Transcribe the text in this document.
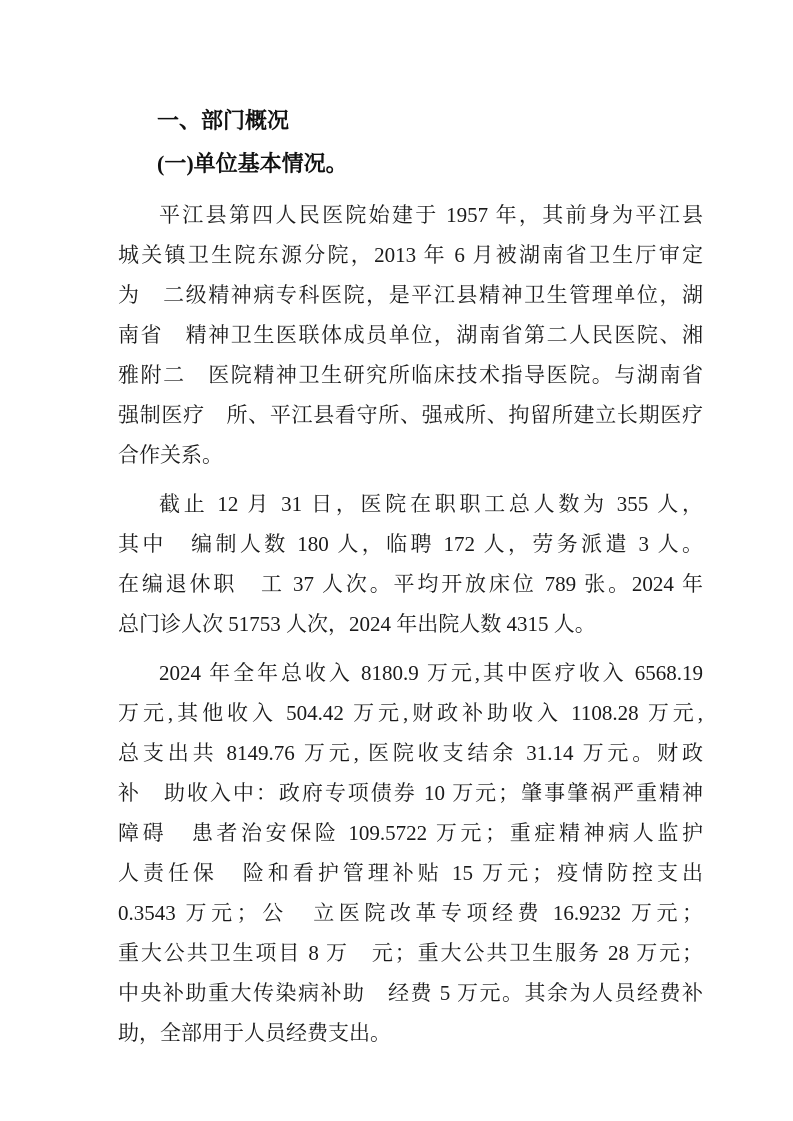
一、部门概况
(一)单位基本情况。
平江县第四人民医院始建于 1957 年，其前身为平江县
城关镇卫生院东源分院，2013 年 6 月被湖南省卫生厅审定
为　二级精神病专科医院，是平江县精神卫生管理单位，湖
南省　精神卫生医联体成员单位，湖南省第二人民医院、湘
雅附二　医院精神卫生研究所临床技术指导医院。与湖南省
强制医疗　所、平江县看守所、强戒所、拘留所建立长期医疗
合作关系。
截止 12 月 31 日，医院在职职工总人数为 355 人，
其中　编制人数 180 人，临聘 172 人，劳务派遣 3 人。
在编退休职　工 37 人次。平均开放床位 789 张。2024 年
总门诊人次 51753 人次，2024 年出院人数 4315 人。
2024 年全年总收入 8180.9 万元,其中医疗收入 6568.19
万元,其他收入 504.42 万元,财政补助收入 1108.28 万元,
总支出共 8149.76 万元, 医院收支结余 31.14 万元。财政
补　助收入中：政府专项债券 10 万元；肇事肇祸严重精神
障碍　患者治安保险 109.5722 万元；重症精神病人监护
人责任保　险和看护管理补贴 15 万元；疫情防控支出
0.3543 万元；公　立医院改革专项经费 16.9232 万元；
重大公共卫生项目 8 万　元；重大公共卫生服务 28 万元；
中央补助重大传染病补助　经费 5 万元。其余为人员经费补
助，全部用于人员经费支出。
